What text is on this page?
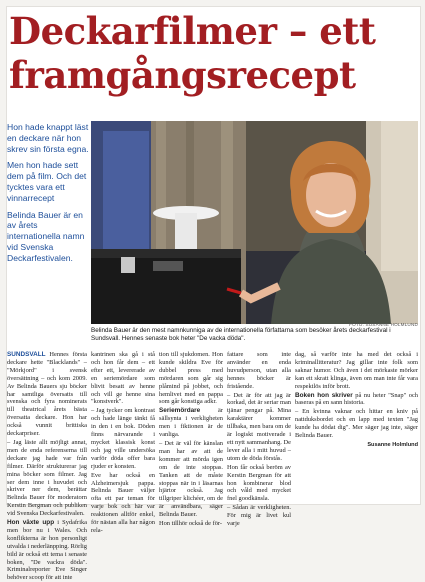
Deckarfilmer – ett
framgångsrecept

Hon hade knappt läst en deckare när hon skrev sin första egna.

Men hon hade sett dem på film. Och det tycktes vara ett vinnarrecept

Belinda Bauer är en av årets internationella namn vid Svenska Deckarfestivalen.

FOTO: SUSANNE HOLMLUND
Belinda Bauer är den mest namnkunniga av de internationella författarna som besöker årets deckarfestival i Sundsvall. Hennes senaste bok heter "De vacka döda".

SUNDSVALL Hennes första deckare hette "Blacklands" – "Mörkjord" i svensk översättning – och kom 2009. Av Belinda Bauers sju böcker har samtliga översatts till svenska och fyra nominerats till theatrical årets bästa översatta deckare. Hon har också vunnit brittiska deckarpriser.

– Jag läste allt möjligt annat, men de enda referenserna till deckare jag hade var från filmer. Därför strukturerar jag mina böcker som filmer. Jag ser dem inne i huvudet och skriver ner dem, berättar Belinda Bauer för moderatorn Kerstin Bergman och publiken vid Svenska Deckarfestivalen.

Hon växte upp i Sydafrika men bor nu i Wales. Och konflikterna är hon personligt utvalda i nederlänpping. Rörlig bild är också ett tema i senaste boken, "De vackra döda". Kriminalreporter Eve Singer behöver scoop för att inte

kantrinen ska gå i stå och hon får dem – ett efter ett, levererade av en seriemördare som blivit besatt av henne och vill ge henne sina "konstverk".

– Jag tycker om kontrast och hade länge tänkt få in den i en bok. Döden finns närvarande i mycket klassisk konst och jag ville undersöka varför döda offer bara rjuder er konsten.

Eve har också en Alzheimersjuk pappa. Belinda Bauer väljer ofta ett par teman för varje bok och här var reaktionen alltför enkel, för nästan alla har någon rela-

tion till sjukdomen. Hon kunde skildra Eve för dubbel press med mördaren som går sig plåmind på jobbet, och hemlivet med en pappa som går konstiga adkr.

Seriemördare är sällsynta i verkligheten men i fiktionen är de vanliga.

– Det är väl för känslan man har av att de kommer att mörda igen om de inte stoppas. Tanken att de måste stoppas när in i läsarnas hjärtor också. Jag tillgriper klichéer, om de är användbara, säger Belinda Bauer.

Hon tillhör också de för-

fattare som inte använder en enda huvudperson, utan alla hennes böcker är fristående.

– Det är för att jag är korkad, det är seriar man tjänar pengar på. Mina karaktärer kommer tillbaka, men bara om de är logiskt motiverade i ett nytt sammanhang. De lever alla i mitt huvud – utom de döda förstås.

Hon får också beröm av Kerstin Bergman för att hon kombinerar blod och våld med mycket fnel goodkänsla.

– Sådan är verkligheten. För mig är livet kul varje

dag, så varför inte ha med det också i kriminallitteratur? Jag gillar inte folk som saknar humor. Och även i det mörkaste mörker kan ett skratt klinga, även om man inte får vara respektlös inför brott.

Boken hon skriver på nu heter "Snap" och baseras på en sann historia.

– En kvinna vaknar och hittar en kniv på nattduksbordet och en lapp med texten "Jag kunde ha dödat dig". Mer säger jag inte, säger Belinda Bauer.

Susanne Holmlund
